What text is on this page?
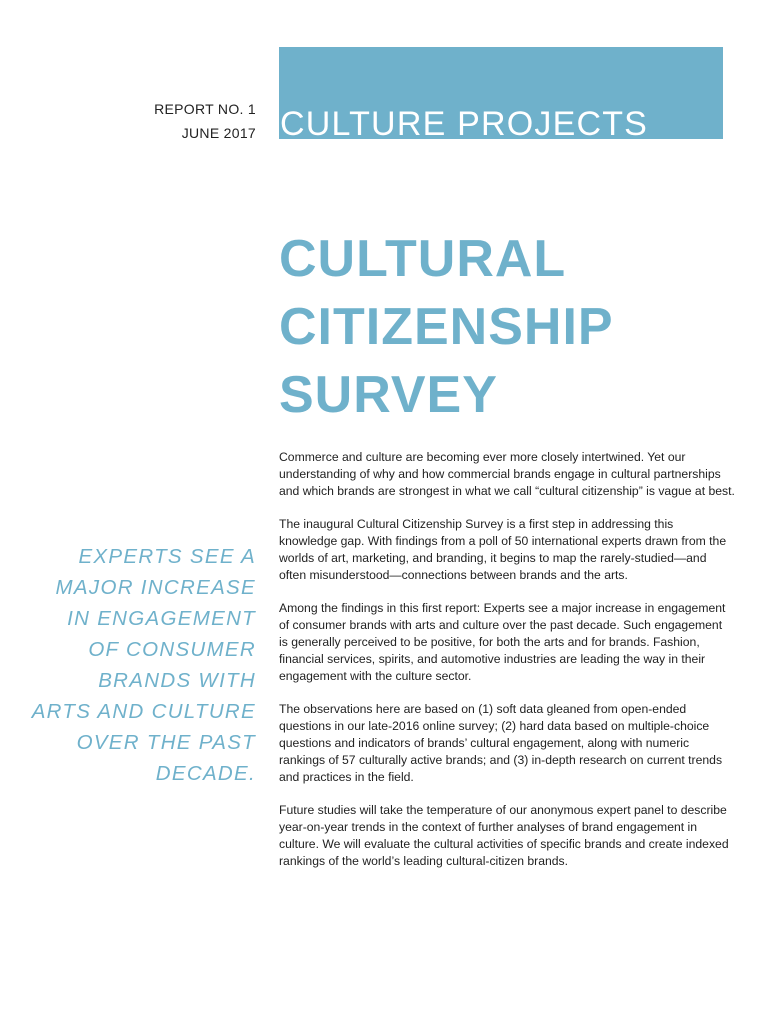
REPORT NO. 1
JUNE 2017 CULTURE PROJECTS
CULTURAL
CITIZENSHIP
SURVEY
EXPERTS SEE A
MAJOR INCREASE
IN ENGAGEMENT
OF CONSUMER
BRANDS WITH
ARTS AND CULTURE
OVER THE PAST
DECADE.

Commerce and culture are becoming ever more closely intertwined. Yet our
understanding of why and how commercial brands engage in cultural partnerships
and which brands are strongest in what we call “cultural citizenship” is vague at best.

The inaugural Cultural Citizenship Survey is a first step in addressing this
knowledge gap. With findings from a poll of 50 international experts drawn from the
worlds of art, marketing, and branding, it begins to map the rarely-studied—and
often misunderstood—connections between brands and the arts.

Among the findings in this first report: Experts see a major increase in engagement
of consumer brands with arts and culture over the past decade. Such engagement
is generally perceived to be positive, for both the arts and for brands. Fashion,
financial services, spirits, and automotive industries are leading the way in their
engagement with the culture sector.

The observations here are based on (1) soft data gleaned from open-ended
questions in our late-2016 online survey; (2) hard data based on multiple-choice
questions and indicators of brands’ cultural engagement, along with numeric
rankings of 57 culturally active brands; and (3) in-depth research on current trends
and practices in the field.

Future studies will take the temperature of our anonymous expert panel to describe
year-on-year trends in the context of further analyses of brand engagement in
culture. We will evaluate the cultural activities of specific brands and create indexed
rankings of the world’s leading cultural-citizen brands.
